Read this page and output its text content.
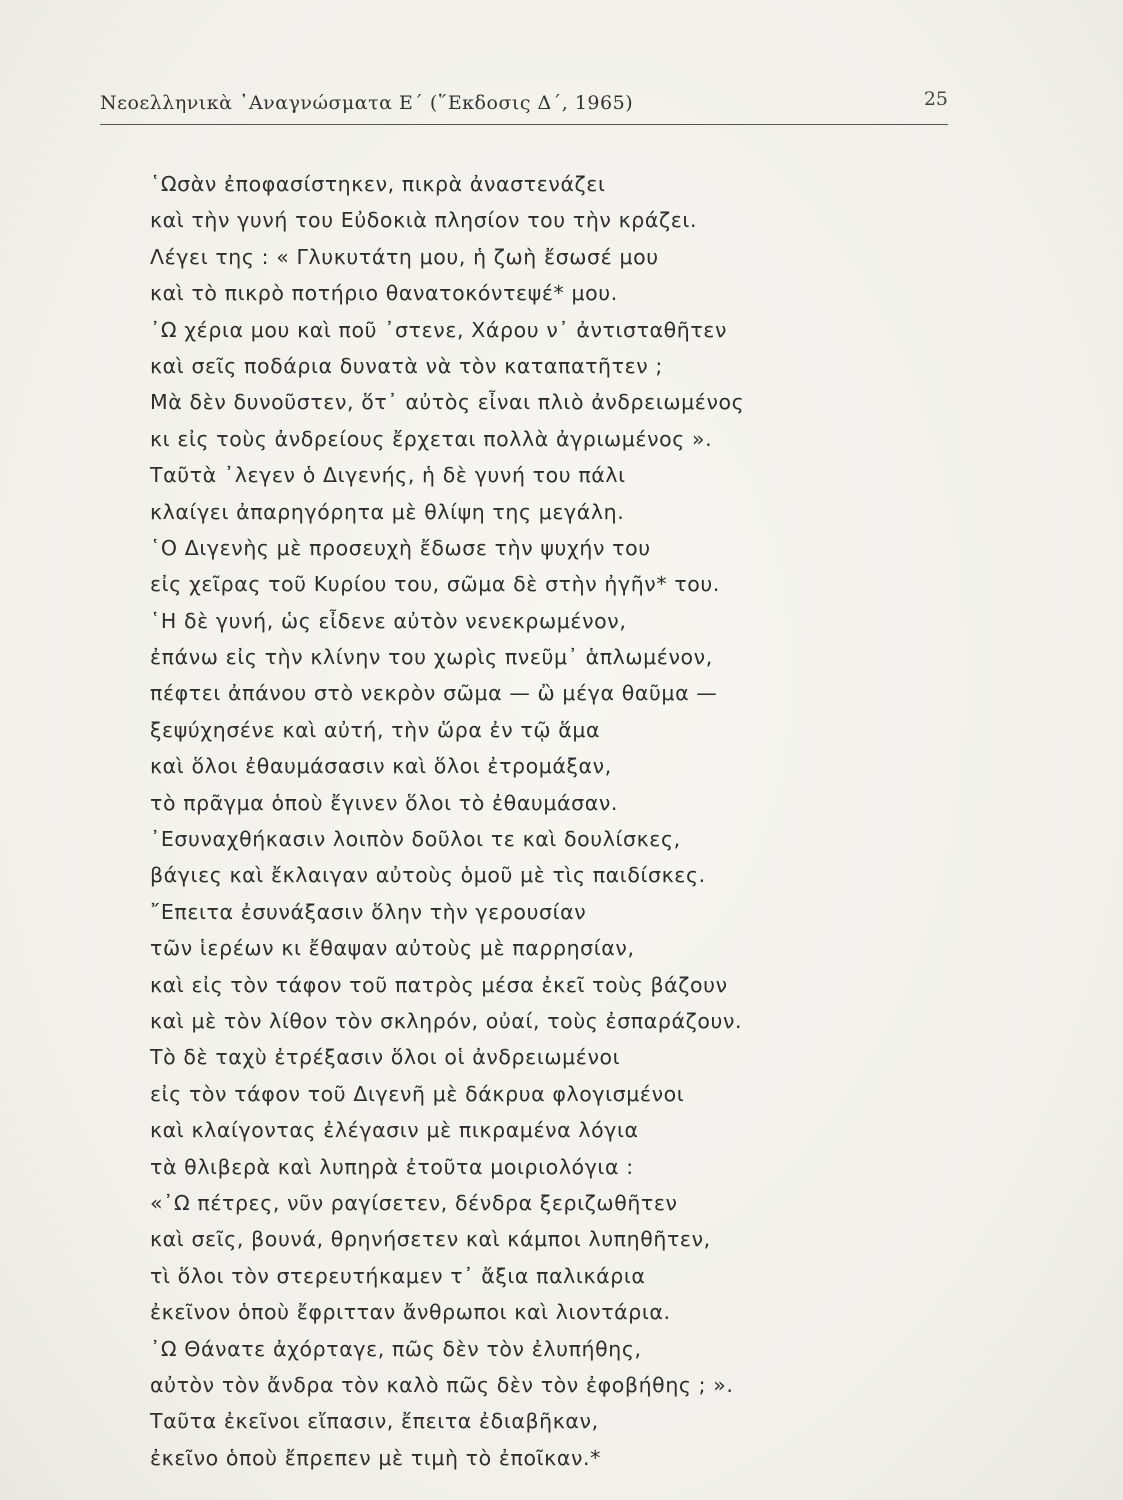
Νεοελληνικὰ ᾿Αναγνώσματα Ε΄ (῞Εκδοσις Δ΄, 1965)	25
῾Ωσὰν ἐποφασίστηκεν, πικρὰ ἀναστενάζει
καὶ τὴν γυνή του Εὐδοκιὰ πλησίον του τὴν κράζει.
Λέγει της : « Γλυκυτάτη μου, ἡ ζωὴ ἔσωσέ μου
καὶ τὸ πικρὸ ποτήριο θανατοκόντεψέ* μου.
᾿Ω χέρια μου καὶ ποῦ ᾿στενε, Χάρου ν᾿ ἀντισταθῆτεν
καὶ σεῖς ποδάρια δυνατὰ νὰ τὸν καταπατῆτεν ;
Μὰ δὲν δυνοῦστεν, ὅτ᾿ αὐτὸς εἶναι πλιὸ ἀνδρειωμένος
κι εἰς τοὺς ἀνδρείους ἔρχεται πολλὰ ἀγριωμένος ».
Ταῦτὰ ᾿λεγεν ὁ Διγενής, ἡ δὲ γυνή του πάλι
κλαίγει ἀπαρηγόρητα μὲ θλίψη της μεγάλη.
῾Ο Διγενὴς μὲ προσευχὴ ἔδωσε τὴν ψυχήν του
εἰς χεῖρας τοῦ Κυρίου του, σῶμα δὲ στὴν ἠγῆν* του.
῾Η δὲ γυνή, ὡς εἶδενε αὐτὸν νενεκρωμένον,
ἐπάνω εἰς τὴν κλίνην του χωρὶς πνεῦμ᾿ ἁπλωμένον,
πέφτει ἀπάνου στὸ νεκρὸν σῶμα — ὢ μέγα θαῦμα —
ξεψύχησένε καὶ αὐτή, τὴν ὥρα ἐν τῷ ἅμα
καὶ ὅλοι ἐθαυμάσασιν καὶ ὅλοι ἐτρομάξαν,
τὸ πρᾶγμα ὁποὺ ἔγινεν ὅλοι τὸ ἐθαυμάσαν.
᾿Εσυναχθήκασιν λοιπὸν δοῦλοι τε καὶ δουλίσκες,
βάγιες καὶ ἔκλαιγαν αὐτοὺς ὁμοῦ μὲ τὶς παιδίσκες.
῎Επειτα ἐσυνάξασιν ὅλην τὴν γερουσίαν
τῶν ἱερέων κι ἔθαψαν αὐτοὺς μὲ παρρησίαν,
καὶ εἰς τὸν τάφον τοῦ πατρὸς μέσα ἐκεῖ τοὺς βάζουν
καὶ μὲ τὸν λίθον τὸν σκληρόν, οὐαί, τοὺς ἐσπαράζουν.
Τὸ δὲ ταχὺ ἐτρέξασιν ὅλοι οἱ ἀνδρειωμένοι
εἰς τὸν τάφον τοῦ Διγενῆ μὲ δάκρυα φλογισμένοι
καὶ κλαίγοντας ἐλέγασιν μὲ πικραμένα λόγια
τὰ θλιβερὰ καὶ λυπηρὰ ἐτοῦτα μοιριολόγια :
«᾿Ω πέτρες, νῦν ραγίσετεν, δένδρα ξεριζωθῆτεν
καὶ σεῖς, βουνά, θρηνήσετεν καὶ κάμποι λυπηθῆτεν,
τὶ ὅλοι τὸν στερευτήκαμεν τ᾿ ἄξια παλικάρια
ἐκεῖνον ὁποὺ ἔφριτταν ἄνθρωποι καὶ λιοντάρια.
᾿Ω Θάνατε ἀχόρταγε, πῶς δὲν τὸν ἐλυπήθης,
αὐτὸν τὸν ἄνδρα τὸν καλὸ πῶς δὲν τὸν ἐφοβήθης ; ».
Ταῦτα ἐκεῖνοι εἴπασιν, ἔπειτα ἐδιαβῆκαν,
ἐκεῖνο ὁποὺ ἔπρεπεν μὲ τιμὴ τὸ ἐποῖκαν.*
